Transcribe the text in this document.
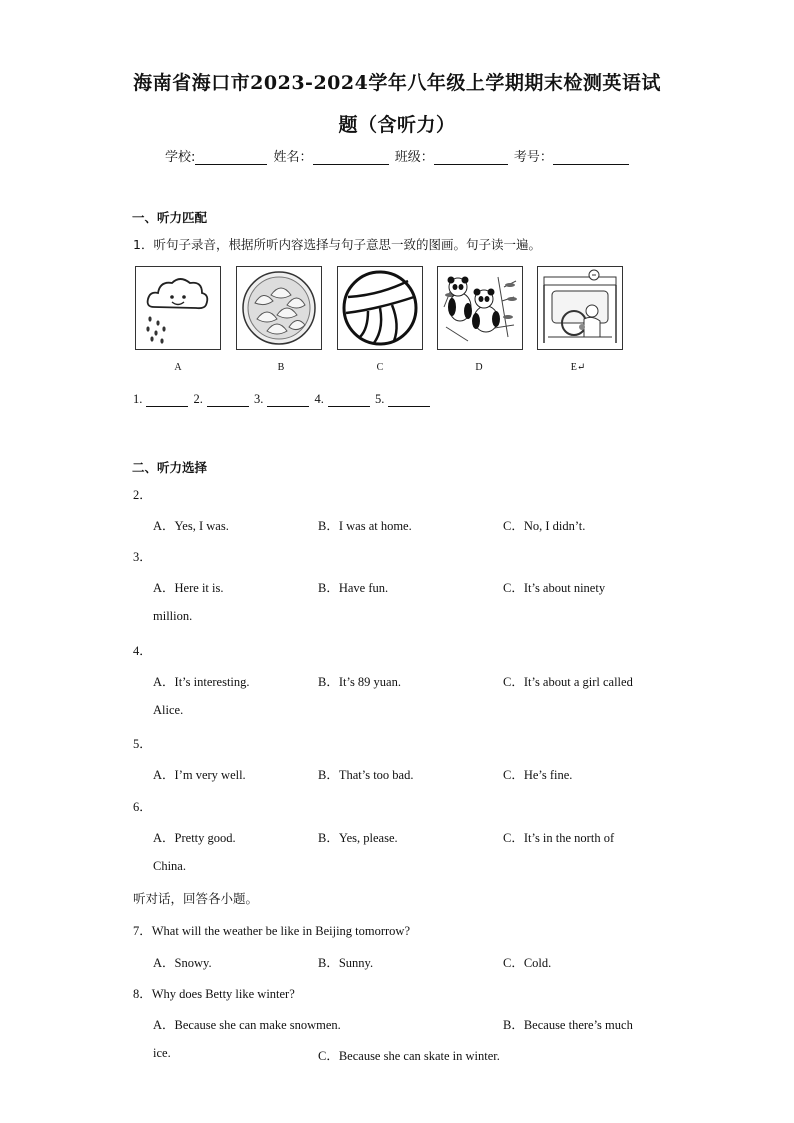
海南省海口市2023-2024学年八年级上学期期末检测英语试
题（含听力）
学校:	姓名：	班级：	考号：
一、听力匹配
1．听句子录音，根据所听内容选择与句子意思一致的图画。句子读一遍。
A	B	C	D	E↵
1.	2.	3.	4.	5.
二、听力选择
2．
A．Yes, I was.	B．I was at home.	C．No, I didn’t.
3．
A．Here it is.	B．Have fun.	C．It’s about ninety
million.
4．
A．It’s interesting.	B．It’s 89 yuan.	C．It’s about a girl called
Alice.
5．
A．I’m very well.	B．That’s too bad.	C．He’s fine.
6．
A．Pretty good.	B．Yes, please.	C．It’s in the north of
China.
听对话，回答各小题。
7．What will the weather be like in Beijing tomorrow?
A．Snowy.	B．Sunny.	C．Cold.
8．Why does Betty like winter?
A．Because she can make snowmen.	B．Because there’s much
ice.	C．Because she can skate in winter.
